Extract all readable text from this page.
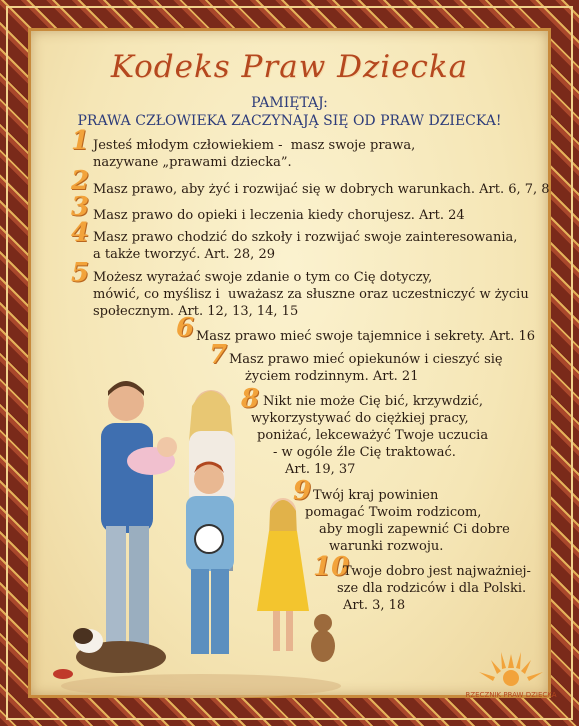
Kodeks Praw Dziecka
PAMIĘTAJ:
PRAWA CZŁOWIEKA ZACZYNAJĄ SIĘ OD PRAW DZIECKA!
1 Jesteś młodym człowiekiem -  masz swoje prawa,
nazywane „prawami dziecka”.
2 Masz prawo, aby żyć i rozwijać się w dobrych warunkach. Art. 6, 7, 8
3 Masz prawo do opieki i leczenia kiedy chorujesz. Art. 24
4 Masz prawo chodzić do szkoły i rozwijać swoje zainteresowania,
a także tworzyć. Art. 28, 29
5 Możesz wyrażać swoje zdanie o tym co Cię dotyczy,
mówić, co myślisz i  uważasz za słuszne oraz uczestniczyć w życiu
społecznym. Art. 12, 13, 14, 15
6 Masz prawo mieć swoje tajemnice i sekrety. Art. 16
7 Masz prawo mieć opiekunów i cieszyć się
życiem rodzinnym. Art. 21
8 Nikt nie może Cię bić, krzywdzić,
wykorzystywać do ciężkiej pracy,
poniżać, lekceważyć Twoje uczucia
- w ogóle źle Cię traktować.
Art. 19, 37
9 Twój kraj powinien
pomagać Twoim rodzicom,
aby mogli zapewnić Ci dobre
warunki rozwoju.
10
Twoje dobro jest najważniej-
sze dla rodziców i dla Polski.
Art. 3, 18
RZECZNIK PRAW DZIECKA
